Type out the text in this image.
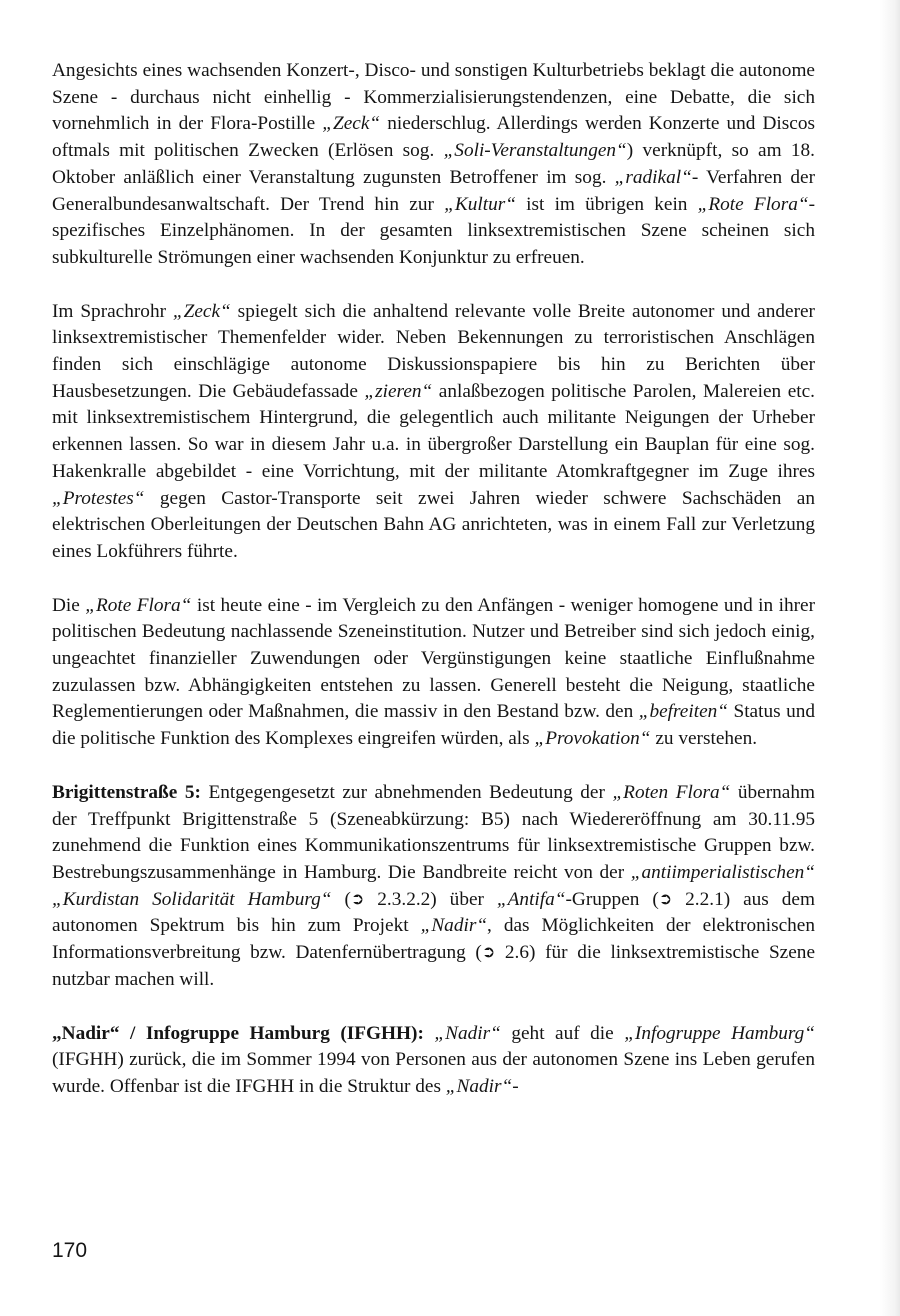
Angesichts eines wachsenden Konzert-, Disco- und sonstigen Kulturbetriebs beklagt die autonome Szene - durchaus nicht einhellig - Kommerzialisierungstendenzen, eine Debatte, die sich vornehmlich in der Flora-Postille „Zeck“ niederschlug. Allerdings werden Konzerte und Discos oftmals mit politischen Zwecken (Erlösen sog. „Soli-Veranstaltungen“) verknüpft, so am 18. Oktober anläßlich einer Veranstaltung zugunsten Betroffener im sog. „radikal“- Verfahren der Generalbundesanwaltschaft. Der Trend hin zur „Kultur“ ist im übrigen kein „Rote Flora“-spezifisches Einzelphänomen. In der gesamten linksextremistischen Szene scheinen sich subkulturelle Strömungen einer wachsenden Konjunktur zu erfreuen.

Im Sprachrohr „Zeck“ spiegelt sich die anhaltend relevante volle Breite autonomer und anderer linksextremistischer Themenfelder wider. Neben Bekennungen zu terroristischen Anschlägen finden sich einschlägige autonome Diskussionspapiere bis hin zu Berichten über Hausbesetzungen. Die Gebäudefassade „zieren“ anlaßbezogen politische Parolen, Malereien etc. mit linksextremistischem Hintergrund, die gelegentlich auch militante Neigungen der Urheber erkennen lassen. So war in diesem Jahr u.a. in übergroßer Darstellung ein Bauplan für eine sog. Hakenkralle abgebildet - eine Vorrichtung, mit der militante Atomkraftgegner im Zuge ihres „Protestes“ gegen Castor-Transporte seit zwei Jahren wieder schwere Sachschäden an elektrischen Oberleitungen der Deutschen Bahn AG anrichteten, was in einem Fall zur Verletzung eines Lokführers führte.

Die „Rote Flora“ ist heute eine - im Vergleich zu den Anfängen - weniger homogene und in ihrer politischen Bedeutung nachlassende Szeneinstitution. Nutzer und Betreiber sind sich jedoch einig, ungeachtet finanzieller Zuwendungen oder Vergünstigungen keine staatliche Einflußnahme zuzulassen bzw. Abhängigkeiten entstehen zu lassen. Generell besteht die Neigung, staatliche Reglementierungen oder Maßnahmen, die massiv in den Bestand bzw. den „befreiten“ Status und die politische Funktion des Komplexes eingreifen würden, als „Provokation“ zu verstehen.

Brigittenstraße 5: Entgegengesetzt zur abnehmenden Bedeutung der „Roten Flora“ übernahm der Treffpunkt Brigittenstraße 5 (Szeneabkürzung: B5) nach Wiedereröffnung am 30.11.95 zunehmend die Funktion eines Kommunikationszentrums für linksextremistische Gruppen bzw. Bestrebungszusammenhänge in Hamburg. Die Bandbreite reicht von der „antiimperialistischen“ „Kurdistan Solidarität Hamburg“ (➲ 2.3.2.2) über „Antifa“-Gruppen (➲ 2.2.1) aus dem autonomen Spektrum bis hin zum Projekt „Nadir“, das Möglichkeiten der elektronischen Informationsverbreitung bzw. Datenfernübertragung (➲ 2.6) für die linksextremistische Szene nutzbar machen will.

„Nadir“ / Infogruppe Hamburg (IFGHH): „Nadir“ geht auf die „Infogruppe Hamburg“ (IFGHH) zurück, die im Sommer 1994 von Personen aus der autonomen Szene ins Leben gerufen wurde. Offenbar ist die IFGHH in die Struktur des „Nadir“-

170
